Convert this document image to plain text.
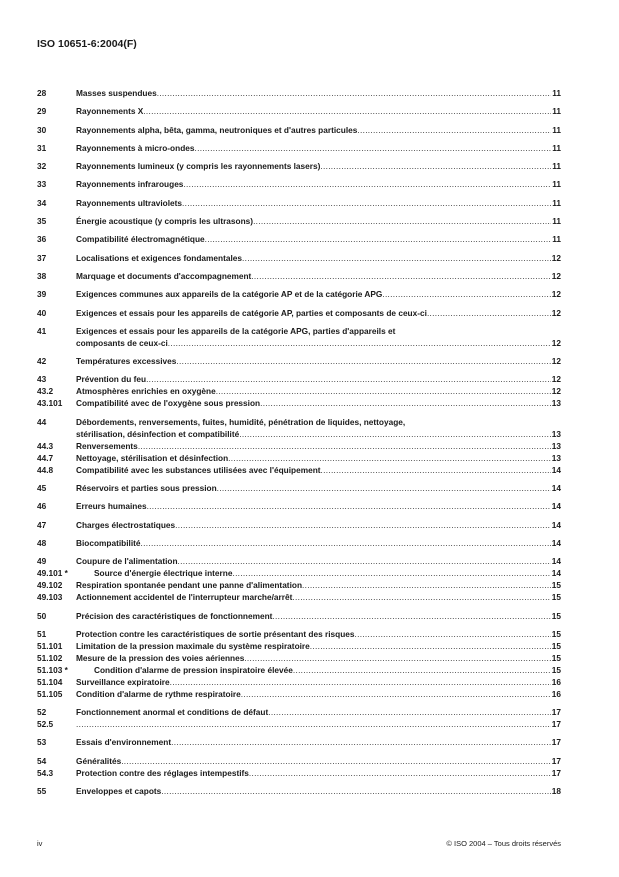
ISO 10651-6:2004(F)
28	Masses suspendues .....	11
29	Rayonnements X .....	11
30	Rayonnements alpha, bêta, gamma, neutroniques et d'autres particules .....	11
31	Rayonnements à micro-ondes .....	11
32	Rayonnements lumineux (y compris les rayonnements lasers) .....	11
33	Rayonnements infrarouges .....	11
34	Rayonnements ultraviolets .....	11
35	Énergie acoustique (y compris les ultrasons) .....	11
36	Compatibilité électromagnétique .....	11
37	Localisations et exigences fondamentales .....	12
38	Marquage et documents d'accompagnement .....	12
39	Exigences communes aux appareils de la catégorie AP et de la catégorie APG .....	12
40	Exigences et essais pour les appareils de catégorie AP, parties et composants de ceux-ci .....	12
41	Exigences et essais pour les appareils de la catégorie APG, parties d'appareils et
composants de ceux-ci .....	12
42	Températures excessives .....	12
43	Prévention du feu .....	12
43.2	Atmosphères enrichies en oxygène .....	12
43.101	Compatibilité avec de l'oxygène sous pression .....	13
44	Débordements, renversements, fuites, humidité, pénétration de liquides, nettoyage,
stérilisation, désinfection et compatibilité .....	13
44.3	Renversements .....	13
44.7	Nettoyage, stérilisation et désinfection .....	13
44.8	Compatibilité avec les substances utilisées avec l'équipement .....	14
45	Réservoirs et parties sous pression .....	14
46	Erreurs humaines .....	14
47	Charges électrostatiques .....	14
48	Biocompatibilité .....	14
49	Coupure de l'alimentation .....	14
49.101 *	Source d'énergie électrique interne .....	14
49.102	Respiration spontanée pendant une panne d'alimentation .....	15
49.103	Actionnement accidentel de l'interrupteur marche/arrêt .....	15
50	Précision des caractéristiques de fonctionnement .....	15
51	Protection contre les caractéristiques de sortie présentant des risques .....	15
51.101	Limitation de la pression maximale du système respiratoire .....	15
51.102	Mesure de la pression des voies aériennes .....	15
51.103 *	Condition d'alarme de pression inspiratoire élevée .....	15
51.104	Surveillance expiratoire .....	16
51.105	Condition d'alarme de rythme respiratoire .....	16
52	Fonctionnement anormal et conditions de défaut .....	17
52.5 .....	17
53	Essais d'environnement .....	17
54	Généralités .....	17
54.3	Protection contre des réglages intempestifs .....	17
55	Enveloppes et capots .....	18
iv	© ISO 2004 – Tous droits réservés
